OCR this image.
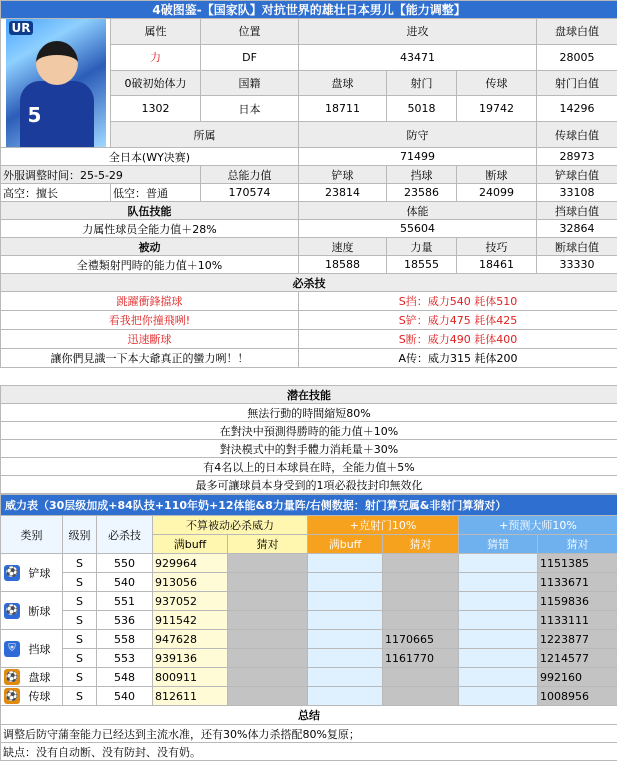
4破图鉴-【国家队】对抗世界的雄壮日本男儿【能力调整】						

UR
5	属性	位置	进攻			盘球白值
	力	DF	43471			28005
	0破初始体力	国籍	盘球	射门	传球	射门白值
	1302	日本	18711	5018	19742	14296
	所属		防守			传球白值
全日本(WY决赛)			71499			28973
外服调整时间：25-5-29		总能力值	铲球	挡球	断球	铲球白值
高空：擅长	低空：普通	170574	23814	23586	24099	33108
队伍技能			体能			挡球白值
力属性球员全能力值＋28%			55604			32864
被动			速度	力量	技巧	断球白值
全禮類射門時的能力值＋10%			18588	18555	18461	33330
必杀技						
跳躍衝鋒擋球			S挡：威力540 耗体510			
看我把你撞飛咧!			S铲：威力475 耗体425			
迅速斷球			S断：威力490 耗体400			
讓你們見識一下本大爺真正的蠻力咧！！			A传：威力315 耗体200			

潜在技能						
無法行動的時間縮短80%						
在對決中預測得勝時的能力值＋10%						
對決模式中的對手體力消耗量＋30%						
有4名以上的日本球員在時，全能力值＋5%						
最多可讓球員本身受到的1項必殺技封印無效化						
威力表（30层级加成+84队技+110年奶+12体能&8力量阵/右侧数据：射门算克属&非射门算猜对）								
类别	级别	必杀技	不算被动必杀威力		+克射门10%		+预测大师10%	
			满buff	猜对	满buff	猜对	猜错	猜对

⚽ 铲球	S	550	929964					1151385
	S	540	913056					1133671

⚽ 断球	S	551	937052					1159836
	S	536	911542					1133111

⛨ 挡球	S	558	947628			1170665		1223877
	S	553	939136			1161770		1214577

⚽ 盘球	S	548	800911					992160

⚽ 传球	S	540	812611					1008956
总结								
调整后防守蒲奎能力已经达到主流水准，还有30%体力杀搭配80%复原；								
缺点：没有自动断、没有防封、没有奶。								
